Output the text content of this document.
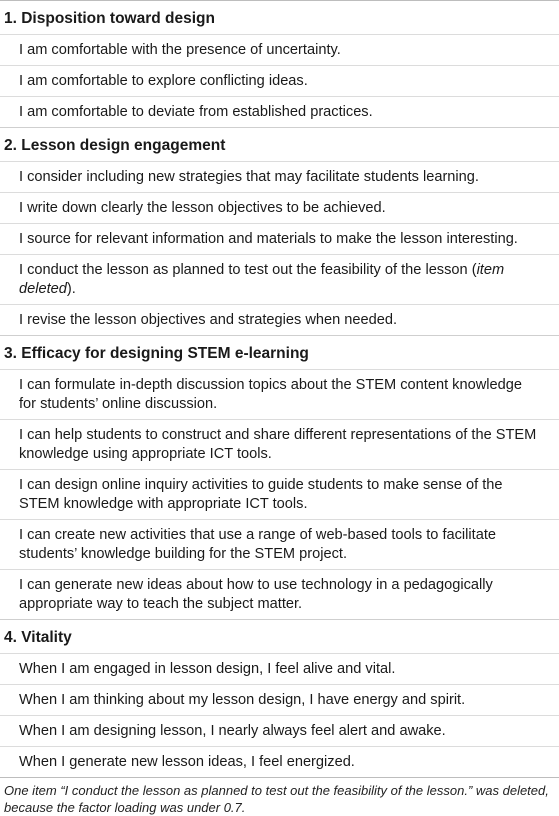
1. Disposition toward design
I am comfortable with the presence of uncertainty.
I am comfortable to explore conflicting ideas.
I am comfortable to deviate from established practices.
2. Lesson design engagement
I consider including new strategies that may facilitate students learning.
I write down clearly the lesson objectives to be achieved.
I source for relevant information and materials to make the lesson interesting.
I conduct the lesson as planned to test out the feasibility of the lesson (item deleted).
I revise the lesson objectives and strategies when needed.
3. Efficacy for designing STEM e-learning
I can formulate in-depth discussion topics about the STEM content knowledge for students’ online discussion.
I can help students to construct and share different representations of the STEM knowledge using appropriate ICT tools.
I can design online inquiry activities to guide students to make sense of the STEM knowledge with appropriate ICT tools.
I can create new activities that use a range of web-based tools to facilitate students’ knowledge building for the STEM project.
I can generate new ideas about how to use technology in a pedagogically appropriate way to teach the subject matter.
4. Vitality
When I am engaged in lesson design, I feel alive and vital.
When I am thinking about my lesson design, I have energy and spirit.
When I am designing lesson, I nearly always feel alert and awake.
When I generate new lesson ideas, I feel energized.
One item “I conduct the lesson as planned to test out the feasibility of the lesson.” was deleted, because the factor loading was under 0.7.
